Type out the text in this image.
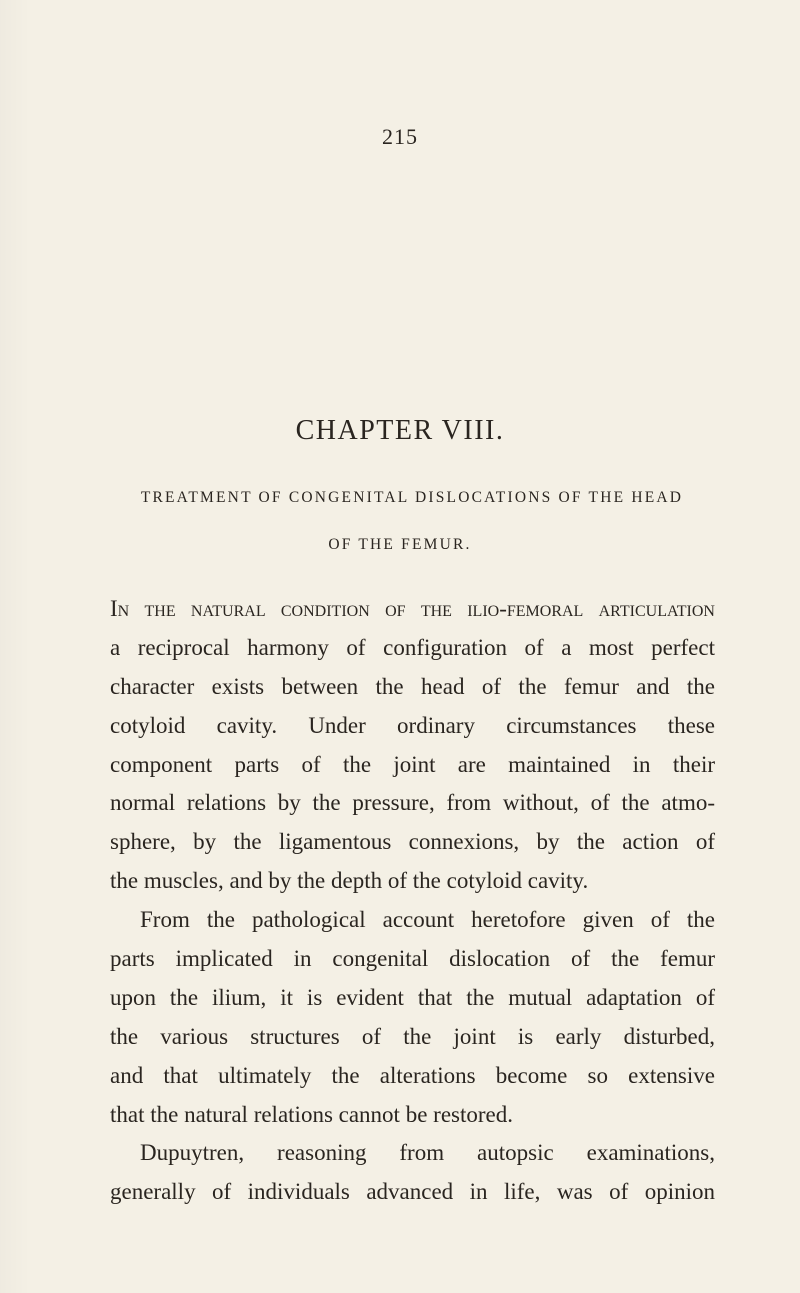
215
CHAPTER VIII.
TREATMENT OF CONGENITAL DISLOCATIONS OF THE HEAD
OF THE FEMUR.
In the natural condition of the ilio-femoral articulation
a reciprocal harmony of configuration of a most perfect
character exists between the head of the femur and the
cotyloid cavity. Under ordinary circumstances these
component parts of the joint are maintained in their
normal relations by the pressure, from without, of the atmo-
sphere, by the ligamentous connexions, by the action of
the muscles, and by the depth of the cotyloid cavity.
From the pathological account heretofore given of the
parts implicated in congenital dislocation of the femur
upon the ilium, it is evident that the mutual adaptation of
the various structures of the joint is early disturbed,
and that ultimately the alterations become so extensive
that the natural relations cannot be restored.
Dupuytren, reasoning from autopsic examinations,
generally of individuals advanced in life, was of opinion
